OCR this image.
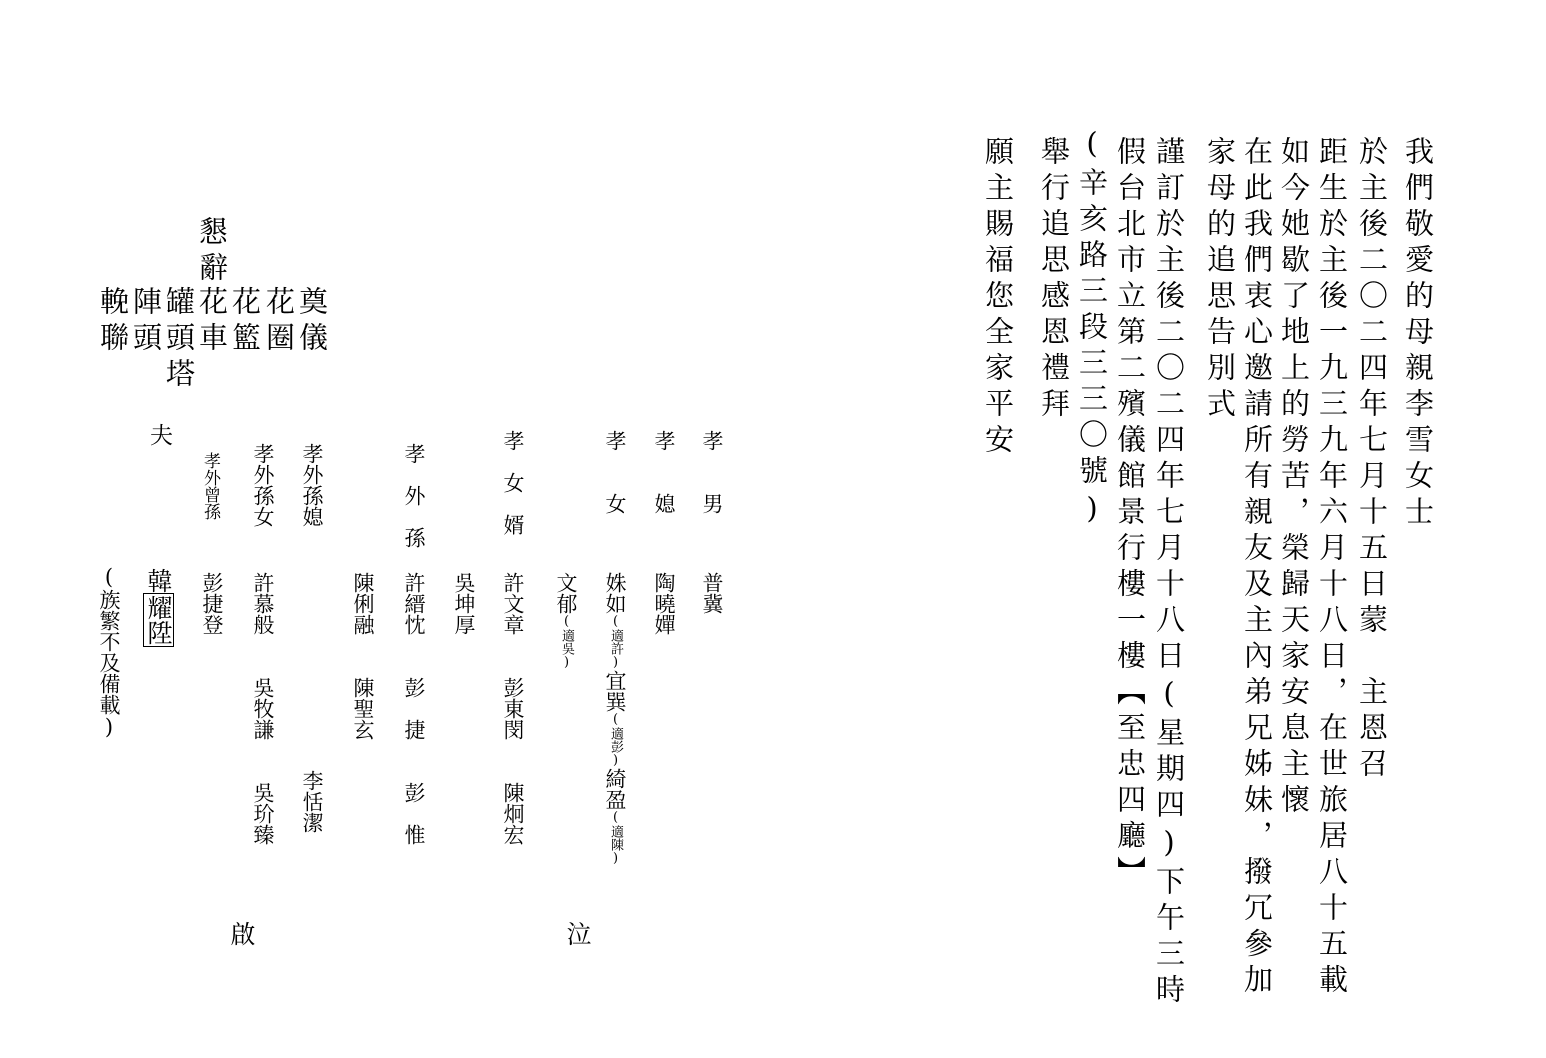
我們敬愛的母親李雪女士
於主後二〇二四年七月十五日蒙　主恩召
距生於主後一九三九年六月十八日，在世旅居八十五載
如今她歇了地上的勞苦，榮歸天家安息主懷
在此我們衷心邀請所有親友及主內弟兄姊妹，撥冗參加
家母的追思告別式
謹訂於主後二〇二四年七月十八日(星期四)下午三時
假台北市立第二殯儀館景行樓一樓【至忠四廳】
(辛亥路三段三三〇號)
舉行追思感恩禮拜
願主賜福您全家平安
懇辭
奠儀
花圈
花籃
花車
罐頭塔
陣頭
輓聯
孝　　男
普冀
孝　　媳
陶曉嬋
孝　　女
姝如(適許)宜巽(適彭)綺盈(適陳)
文郁(適吳)
孝　女　婿
許文章　　彭東閔　　陳炯宏
吳坤厚
孝　外　孫
許縉忱　　彭　捷　　彭　惟
陳俐融　　陳聖玄
孝外孫媳
李恬潔
孝外孫女
許慕般　　吳牧謙　　吳玠臻
孝外曾孫
彭捷登
夫
韓耀陞
(族繁不及備載)
泣
啟
